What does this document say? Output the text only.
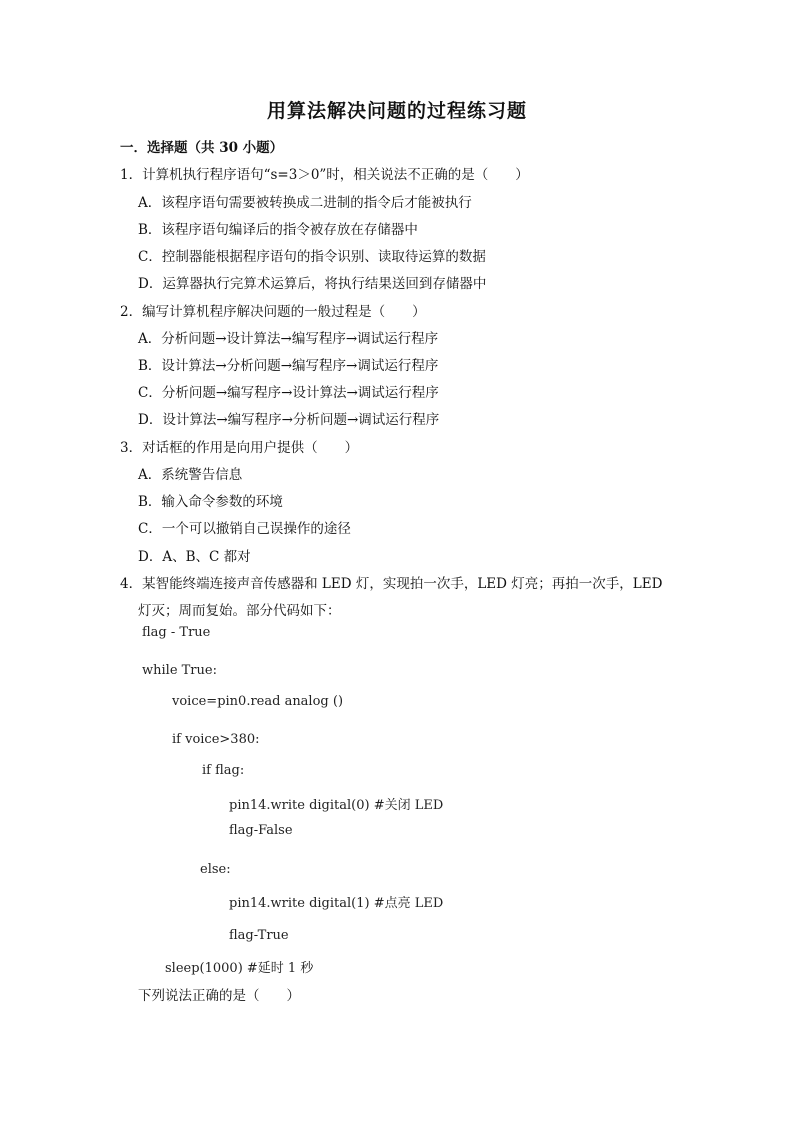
用算法解决问题的过程练习题
一．选择题（共 30 小题）
1．计算机执行程序语句“s=3＞0”时，相关说法不正确的是（　　）
A．该程序语句需要被转换成二进制的指令后才能被执行
B．该程序语句编译后的指令被存放在存储器中
C．控制器能根据程序语句的指令识别、读取待运算的数据
D．运算器执行完算术运算后，将执行结果送回到存储器中
2．编写计算机程序解决问题的一般过程是（　　）
A．分析问题→设计算法→编写程序→调试运行程序
B．设计算法→分析问题→编写程序→调试运行程序
C．分析问题→编写程序→设计算法→调试运行程序
D．设计算法→编写程序→分析问题→调试运行程序
3．对话框的作用是向用户提供（　　）
A．系统警告信息
B．输入命令参数的环境
C．一个可以撤销自己误操作的途径
D．A、B、C 都对
4．某智能终端连接声音传感器和 LED 灯，实现拍一次手，LED 灯亮；再拍一次手，LED
灯灭；周而复始。部分代码如下：
flag - True
while True:
voice=pin0.read analog ()
if voice>380:
if flag:
pin14.write digital(0) #关闭 LED
flag-False
else:
pin14.write digital(1) #点亮 LED
flag-True
sleep(1000) #延时 1 秒
下列说法正确的是（　　）
